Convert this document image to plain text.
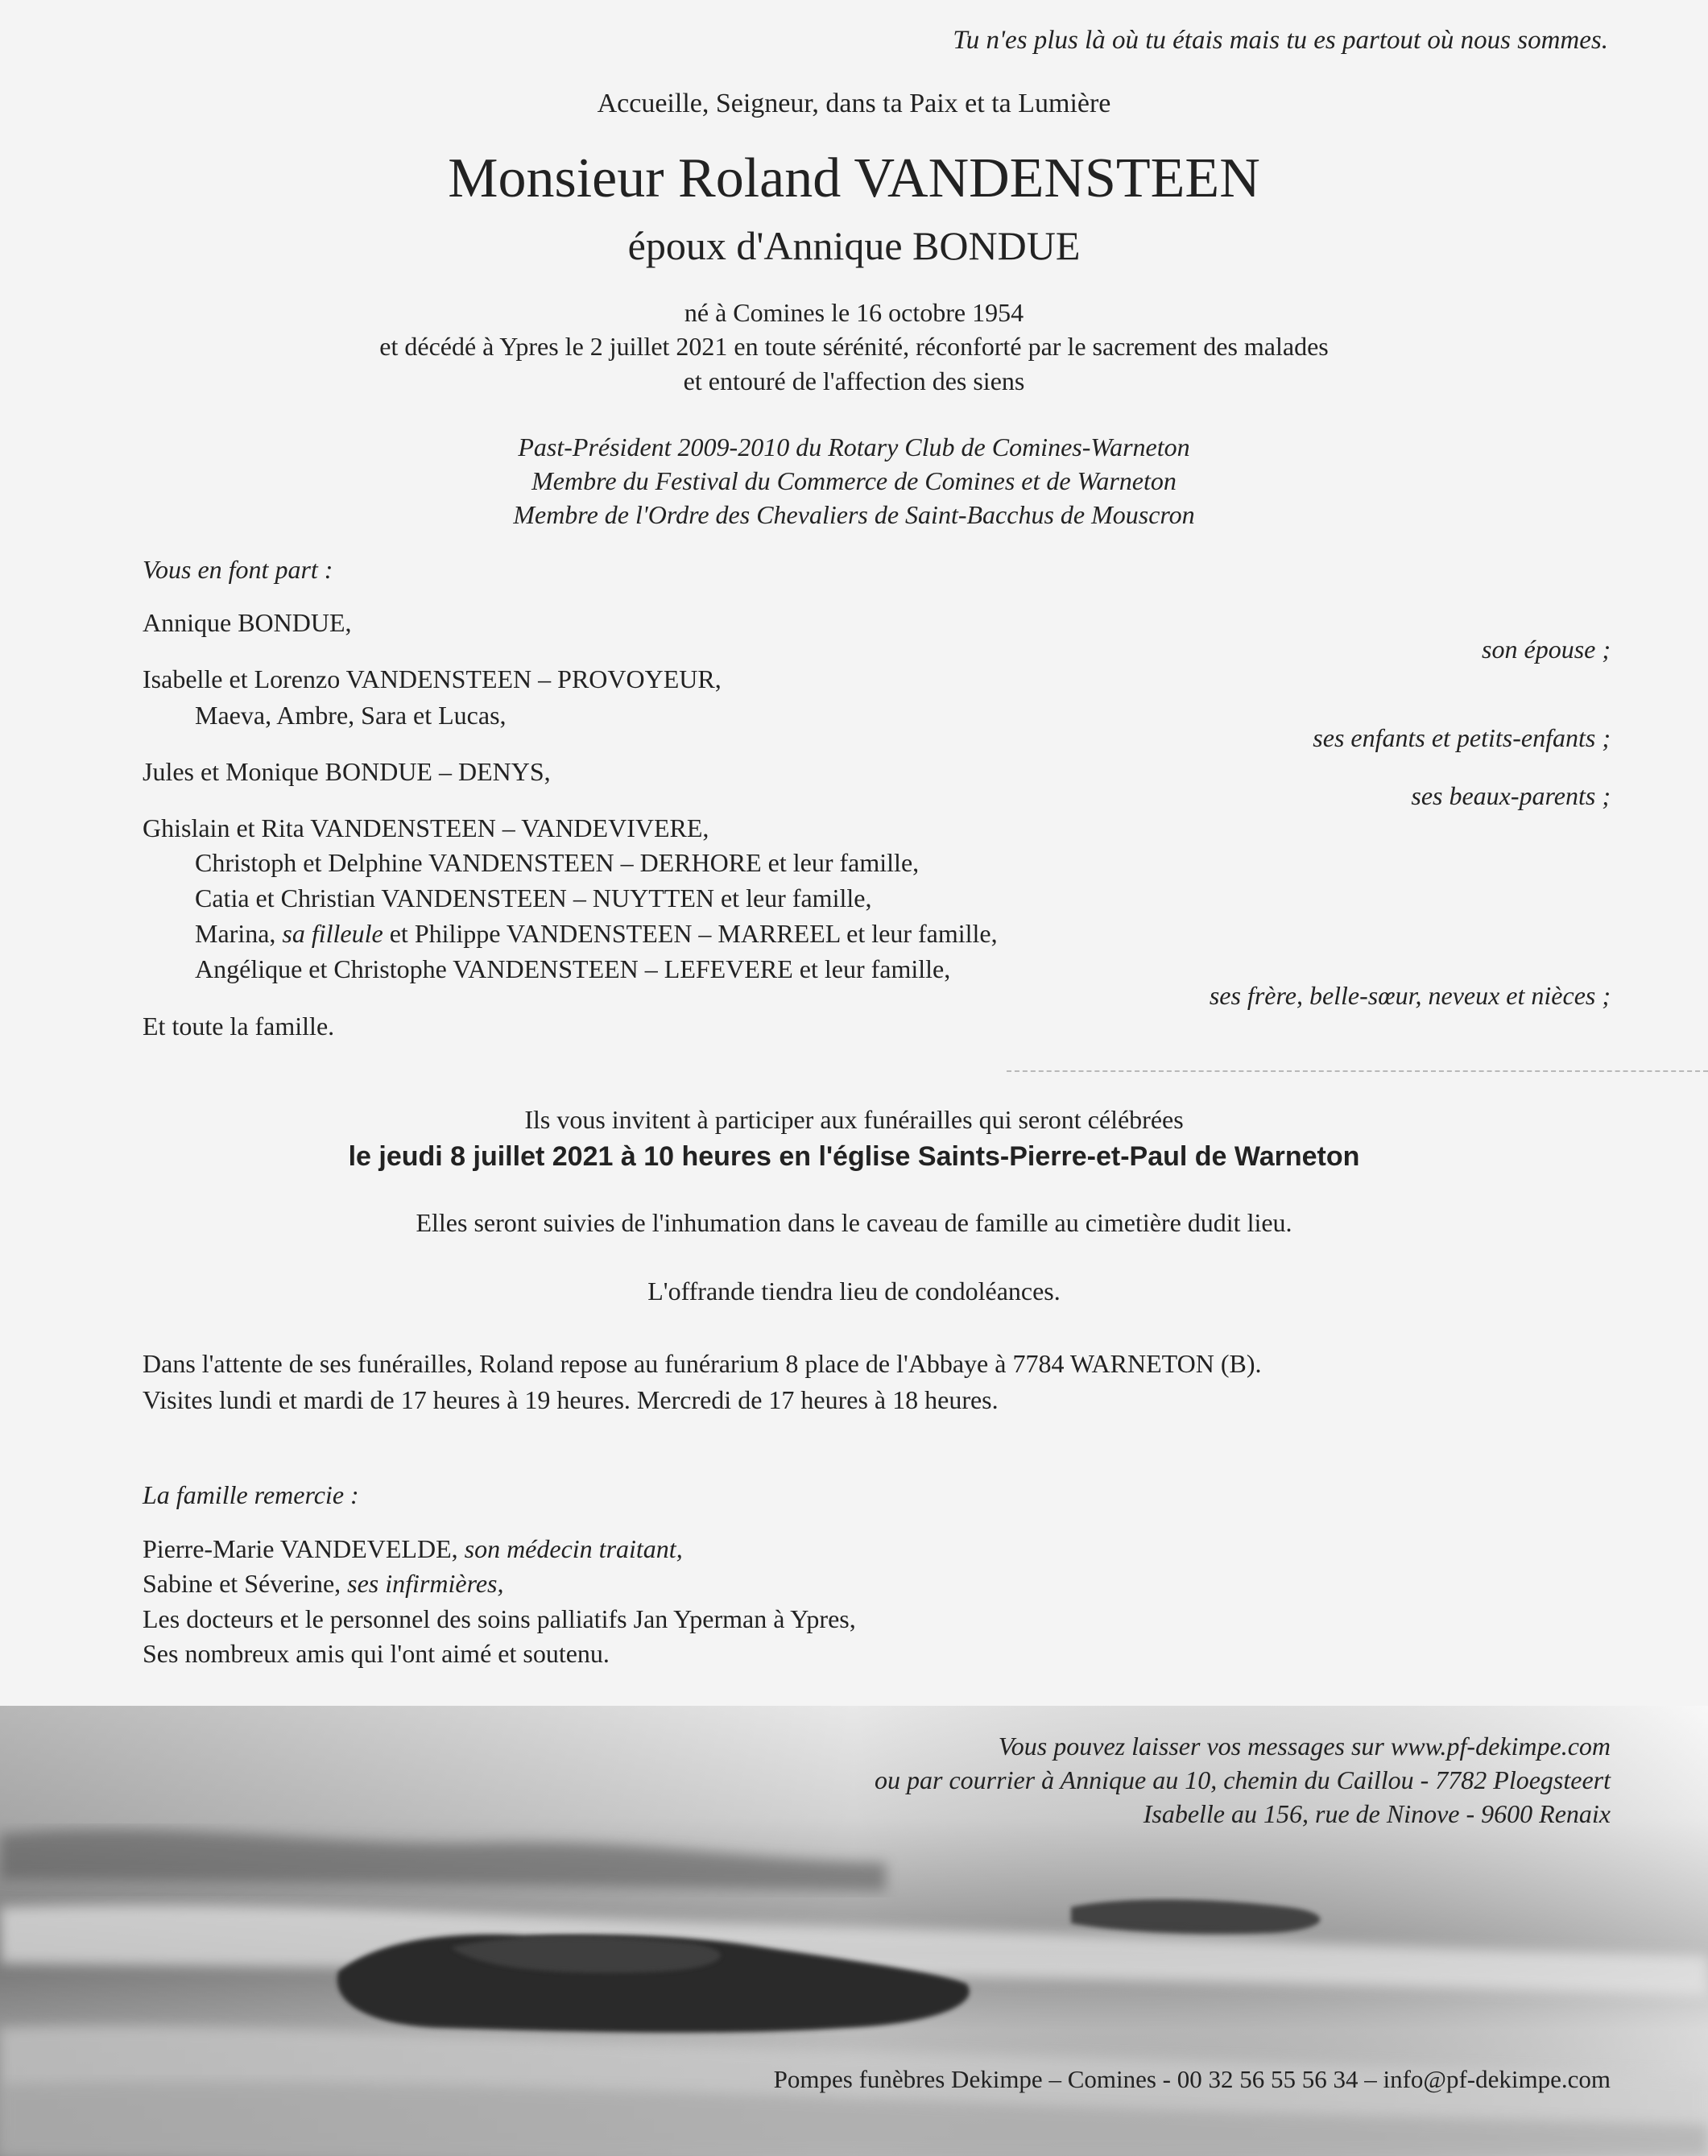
Tu n'es plus là où tu étais mais tu es partout où nous sommes.
Accueille, Seigneur, dans ta Paix et ta Lumière
Monsieur Roland VANDENSTEEN
époux d'Annique BONDUE
né à Comines le 16 octobre 1954
et décédé à Ypres le 2 juillet 2021 en toute sérénité, réconforté par le sacrement des malades
et entouré de l'affection des siens
Past-Président 2009-2010 du Rotary Club de Comines-Warneton
Membre du Festival du Commerce de Comines et de Warneton
Membre de l'Ordre des Chevaliers de Saint-Bacchus de Mouscron
Vous en font part :
Annique BONDUE,
son épouse ;
Isabelle et Lorenzo VANDENSTEEN – PROVOYEUR,
Maeva, Ambre, Sara et Lucas,
ses enfants et petits-enfants ;
Jules et Monique BONDUE – DENYS,
ses beaux-parents ;
Ghislain et Rita VANDENSTEEN – VANDEVIVERE,
Christoph et Delphine VANDENSTEEN – DERHORE et leur famille,
Catia et Christian VANDENSTEEN – NUYTTEN et leur famille,
Marina, sa filleule et Philippe VANDENSTEEN – MARREEL et leur famille,
Angélique et Christophe VANDENSTEEN – LEFEVERE et leur famille,
ses frère, belle-sœur, neveux et nièces ;
Et toute la famille.
Ils vous invitent à participer aux funérailles qui seront célébrées
le jeudi 8 juillet 2021 à 10 heures en l'église Saints-Pierre-et-Paul de Warneton
Elles seront suivies de l'inhumation dans le caveau de famille au cimetière dudit lieu.
L'offrande tiendra lieu de condoléances.
Dans l'attente de ses funérailles, Roland repose au funérarium 8 place de l'Abbaye à 7784 WARNETON (B).
Visites lundi et mardi de 17 heures à 19 heures. Mercredi de 17 heures à 18 heures.
La famille remercie :
Pierre-Marie VANDEVELDE, son médecin traitant,
Sabine et Séverine, ses infirmières,
Les docteurs et le personnel des soins palliatifs Jan Yperman à Ypres,
Ses nombreux amis qui l'ont aimé et soutenu.
Vous pouvez laisser vos messages sur www.pf-dekimpe.com
ou par courrier à Annique au 10, chemin du Caillou - 7782 Ploegsteert
Isabelle au 156, rue de Ninove - 9600 Renaix
Pompes funèbres Dekimpe – Comines - 00 32 56 55 56 34 – info@pf-dekimpe.com
